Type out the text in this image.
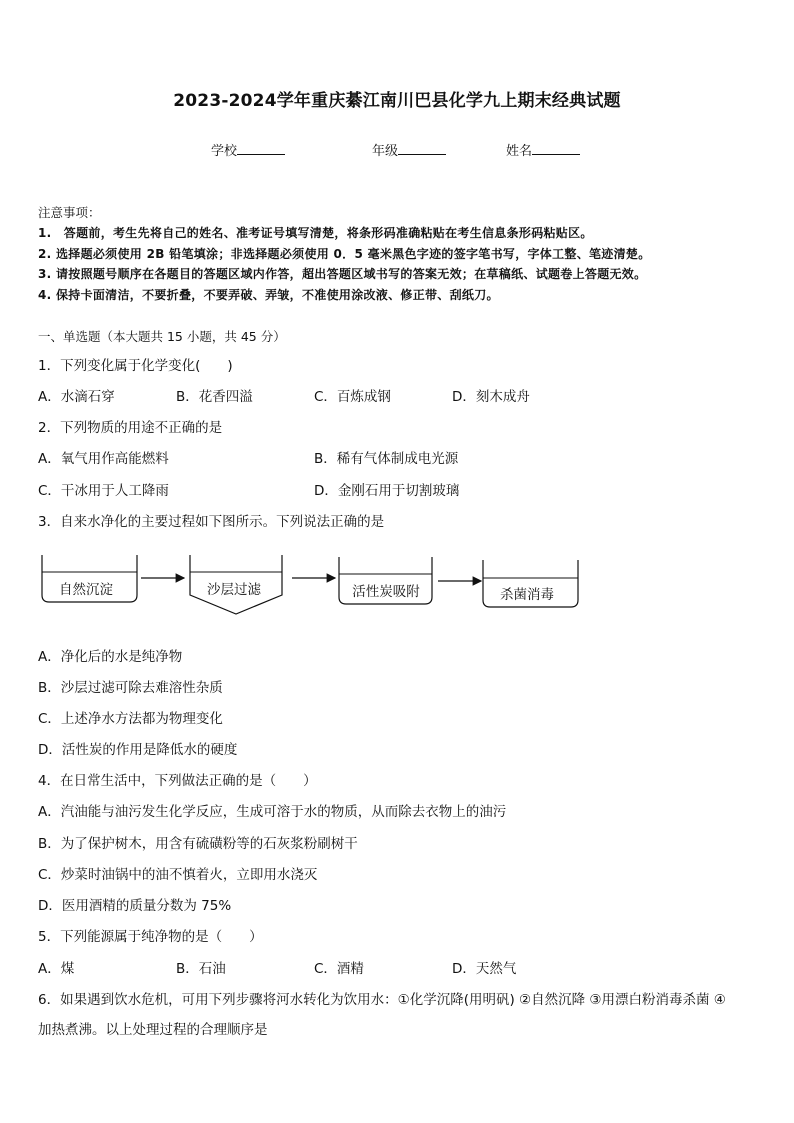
2023-2024学年重庆綦江南川巴县化学九上期末经典试题
学校	年级	姓名
注意事项：
1.　答题前，考生先将自己的姓名、准考证号填写清楚，将条形码准确粘贴在考生信息条形码粘贴区。
2. 选择题必须使用 2B 铅笔填涂；非选择题必须使用 0．5 毫米黑色字迹的签字笔书写，字体工整、笔迹清楚。
3. 请按照题号顺序在各题目的答题区域内作答，超出答题区域书写的答案无效；在草稿纸、试题卷上答题无效。
4. 保持卡面清洁，不要折叠，不要弄破、弄皱，不准使用涂改液、修正带、刮纸刀。
一、单选题（本大题共 15 小题，共 45 分）
1．下列变化属于化学变化(　　)
A．水滴石穿	B．花香四溢	C．百炼成钢	D．刻木成舟
2．下列物质的用途不正确的是
A．氧气用作高能燃料	B．稀有气体制成电光源
C．干冰用于人工降雨	D．金刚石用于切割玻璃
3．自来水净化的主要过程如下图所示。下列说法正确的是
自然沉淀	沙层过滤	活性炭吸附	杀菌消毒
A．净化后的水是纯净物
B．沙层过滤可除去难溶性杂质
C．上述净水方法都为物理变化
D．活性炭的作用是降低水的硬度
4．在日常生活中，下列做法正确的是（　　）
A．汽油能与油污发生化学反应，生成可溶于水的物质，从而除去衣物上的油污
B．为了保护树木，用含有硫磺粉等的石灰浆粉刷树干
C．炒菜时油锅中的油不慎着火，立即用水浇灭
D．医用酒精的质量分数为 75%
5．下列能源属于纯净物的是（　　）
A．煤	B．石油	C．酒精	D．天然气
6．如果遇到饮水危机，可用下列步骤将河水转化为饮用水：①化学沉降(用明矾) ②自然沉降 ③用漂白粉消毒杀菌 ④
加热煮沸。以上处理过程的合理顺序是
